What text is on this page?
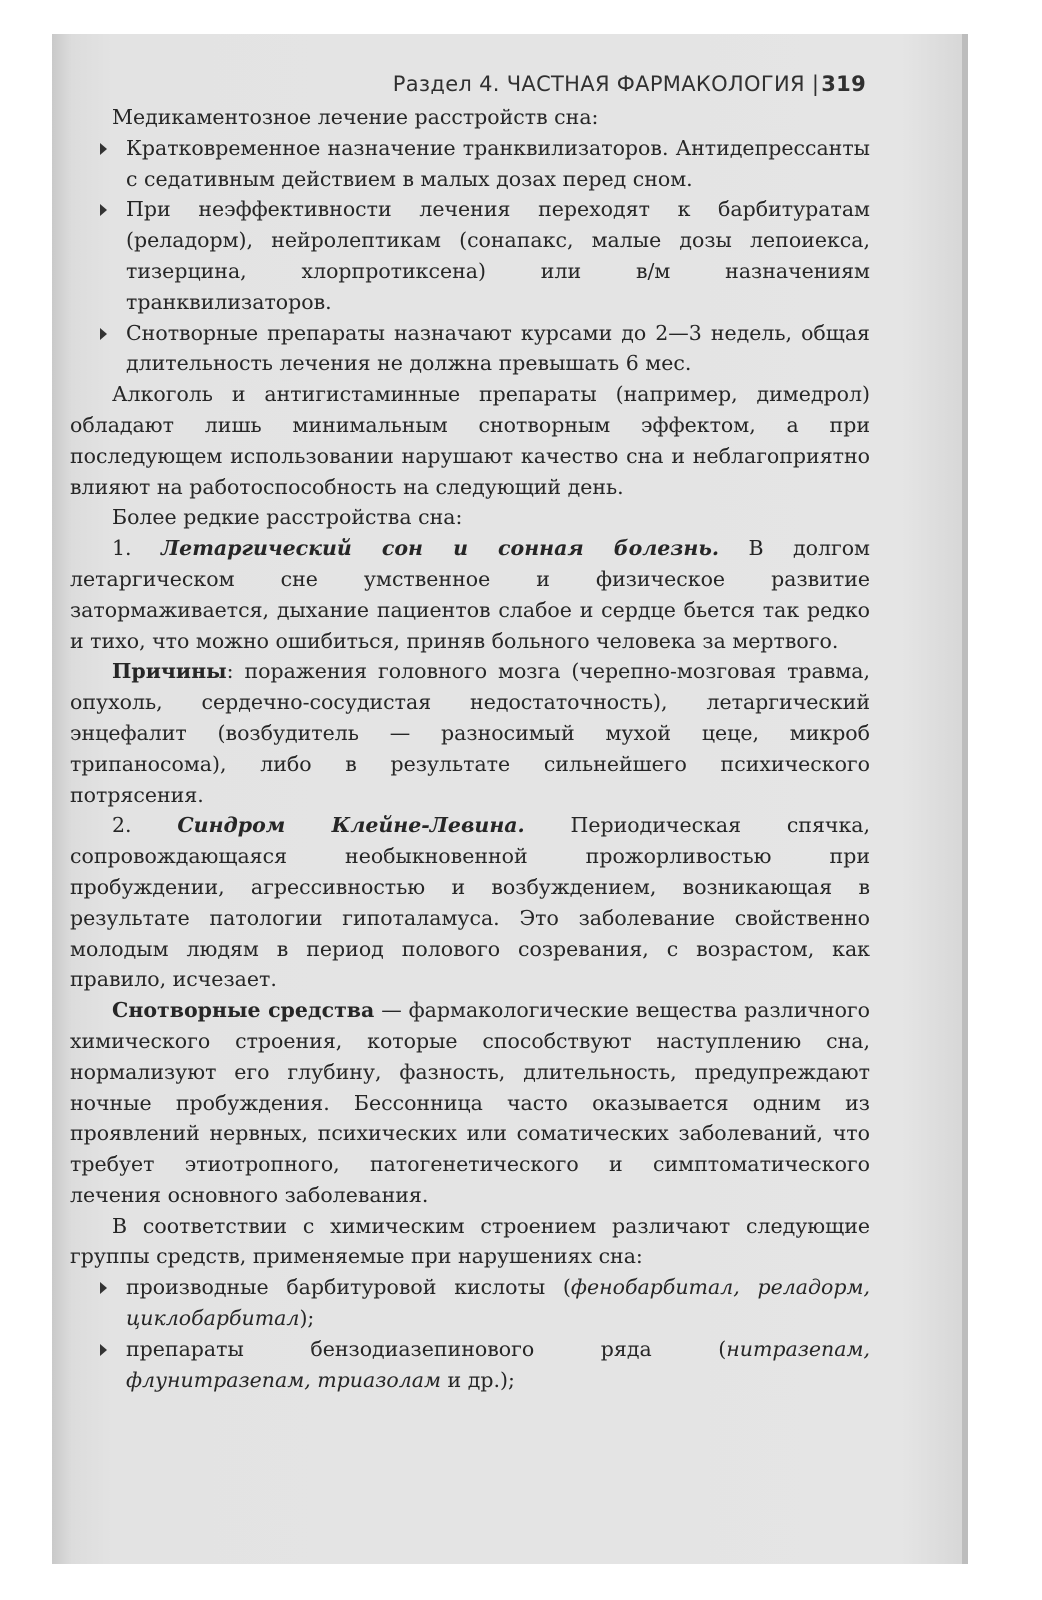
Раздел 4. ЧАСТНАЯ ФАРМАКОЛОГИЯ |319

Медикаментозное лечение расстройств сна:

Кратковременное назначение транквилизаторов. Антидепрессанты с седативным действием в малых дозах перед сном.
При неэффективности лечения переходят к барбитуратам (реладорм), нейролептикам (сонапакс, малые дозы лепоиекса, тизерцина, хлорпротиксена) или в/м назначениям транквилизаторов.
Снотворные препараты назначают курсами до 2—3 недель, общая длительность лечения не должна превышать 6 мес.

Алкоголь и антигистаминные препараты (например, димедрол) обладают лишь минимальным снотворным эффектом, а при последующем использовании нарушают качество сна и неблагоприятно влияют на работоспособность на следующий день.

Более редкие расстройства сна:

1. Летаргический сон и сонная болезнь. В долгом летаргическом сне умственное и физическое развитие затормаживается, дыхание пациентов слабое и сердце бьется так редко и тихо, что можно ошибиться, приняв больного человека за мертвого.

Причины: поражения головного мозга (черепно-мозговая травма, опухоль, сердечно-сосудистая недостаточность), летаргический энцефалит (возбудитель — разносимый мухой цеце, микроб трипаносома), либо в результате сильнейшего психического потрясения.

2. Синдром Клейне-Левина. Периодическая спячка, сопровождающаяся необыкновенной прожорливостью при пробуждении, агрессивностью и возбуждением, возникающая в результате патологии гипоталамуса. Это заболевание свойственно молодым людям в период полового созревания, с возрастом, как правило, исчезает.

Снотворные средства — фармакологические вещества различного химического строения, которые способствуют наступлению сна, нормализуют его глубину, фазность, длительность, предупреждают ночные пробуждения. Бессонница часто оказывается одним из проявлений нервных, психических или соматических заболеваний, что требует этиотропного, патогенетического и симптоматического лечения основного заболевания.

В соответствии с химическим строением различают следующие группы средств, применяемые при нарушениях сна:

производные барбитуровой кислоты (фенобарбитал, реладорм, циклобарбитал);
препараты бензодиазепинового ряда (нитразепам, флунитразепам, триазолам и др.);
